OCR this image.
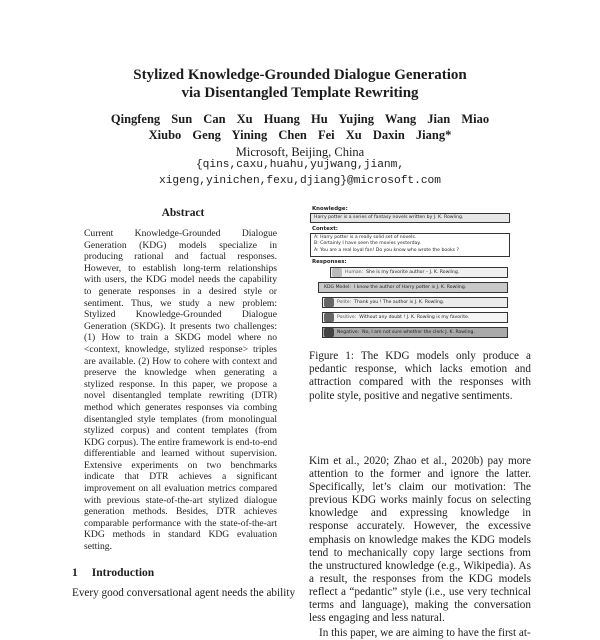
Stylized Knowledge-Grounded Dialogue Generation
via Disentangled Template Rewriting
Qingfeng Sun Can Xu Huang Hu Yujing Wang Jian Miao
Xiubo Geng Yining Chen Fei Xu Daxin Jiang*
Microsoft, Beijing, China
{qins,caxu,huahu,yujwang,jianm,
xigeng,yinichen,fexu,djiang}@microsoft.com
Abstract
Current Knowledge-Grounded Dialogue Generation (KDG) models specialize in producing rational and factual responses. However, to establish long-term relationships with users, the KDG model needs the capability to generate responses in a desired style or sentiment. Thus, we study a new problem: Stylized Knowledge-Grounded Dialogue Generation (SKDG). It presents two challenges: (1) How to train a SKDG model where no <context, knowledge, stylized response> triples are available. (2) How to cohere with context and preserve the knowledge when generating a stylized response. In this paper, we propose a novel disentangled template rewriting (DTR) method which generates responses via combing disentangled style templates (from monolingual stylized corpus) and content templates (from KDG corpus). The entire framework is end-to-end differentiable and learned without supervision. Extensive experiments on two benchmarks indicate that DTR achieves a significant improvement on all evaluation metrics compared with previous state-of-the-art stylized dialogue generation methods. Besides, DTR achieves comparable performance with the state-of-the-art KDG methods in standard KDG evaluation setting.
1 Introduction
Every good conversational agent needs the ability
Knowledge:
Harry potter is a series of fantasy novels written by J. K. Rowling.
Context:
A: Harry potter is a really solid set of novels.
B: Certainly I have seen the movies yesterday.
A: You are a real loyal fan! Do you know who wrote the books ?
Responses:
Human: She is my favorite author – J. K. Rowling.
KDG Model: I know the author of Harry potter is J. K. Rowling.
Polite: Thank you ! The author is J. K. Rowling.
Positive: Without any doubt ! J. K. Rowling is my favorite.
Negative: No, I am not sure whether the clerk J. K. Rowling.
Figure 1: The KDG models only produce a pedantic response, which lacks emotion and attraction compared with the responses with polite style, positive and negative sentiments.

Kim et al., 2020; Zhao et al., 2020b) pay more attention to the former and ignore the latter. Specifically, let’s claim our motivation: The previous KDG works mainly focus on selecting knowledge and expressing knowledge in response accurately. However, the excessive emphasis on knowledge makes the KDG models tend to mechanically copy large sections from the unstructured knowledge (e.g., Wikipedia). As a result, the responses from the KDG models reflect a “pedantic” style (i.e., use very technical terms and language), making the conversation less engaging and less natural.

In this paper, we are aiming to have the first at-
